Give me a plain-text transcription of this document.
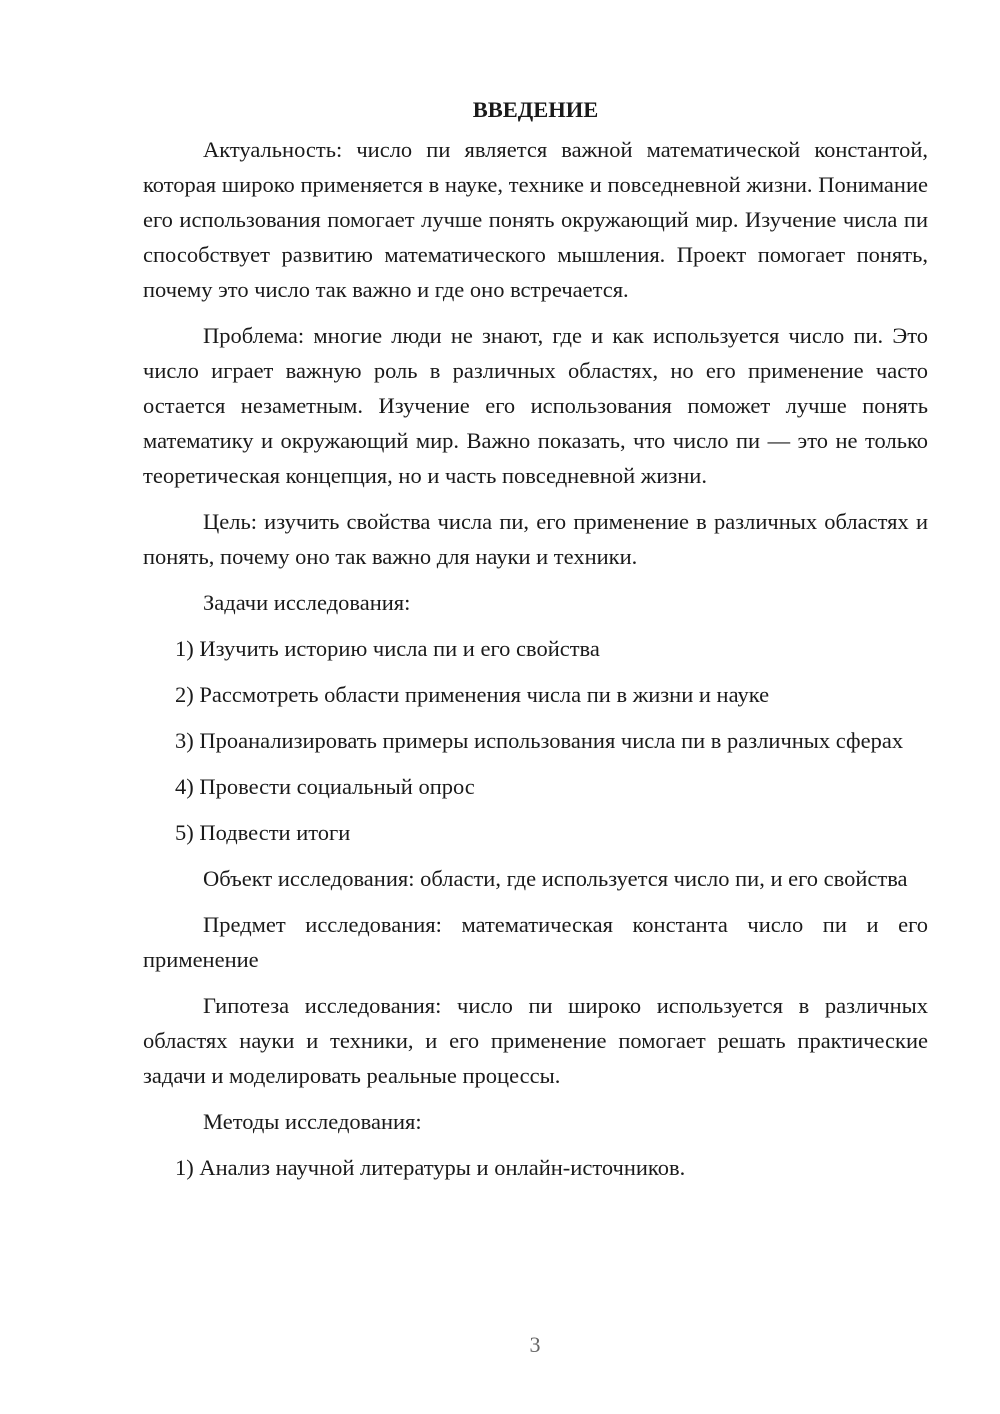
ВВЕДЕНИЕ

Актуальность: число пи является важной математической константой, которая широко применяется в науке, технике и повседневной жизни. Понимание его использования помогает лучше понять окружающий мир. Изучение числа пи способствует развитию математического мышления. Проект помогает понять, почему это число так важно и где оно встречается.

Проблема: многие люди не знают, где и как используется число пи. Это число играет важную роль в различных областях, но его применение часто остается незаметным. Изучение его использования поможет лучше понять математику и окружающий мир. Важно показать, что число пи — это не только теоретическая концепция, но и часть повседневной жизни.

Цель: изучить свойства числа пи, его применение в различных областях и понять, почему оно так важно для науки и техники.

Задачи исследования:

1) Изучить историю числа пи и его свойства

2) Рассмотреть области применения числа пи в жизни и науке

3) Проанализировать примеры использования числа пи в различных сферах

4) Провести социальный опрос

5) Подвести итоги

Объект исследования: области, где используется число пи, и его свойства

Предмет исследования: математическая константа число пи и его применение

Гипотеза исследования: число пи широко используется в различных областях науки и техники, и его применение помогает решать практические задачи и моделировать реальные процессы.

Методы исследования:

1) Анализ научной литературы и онлайн-источников.

3
